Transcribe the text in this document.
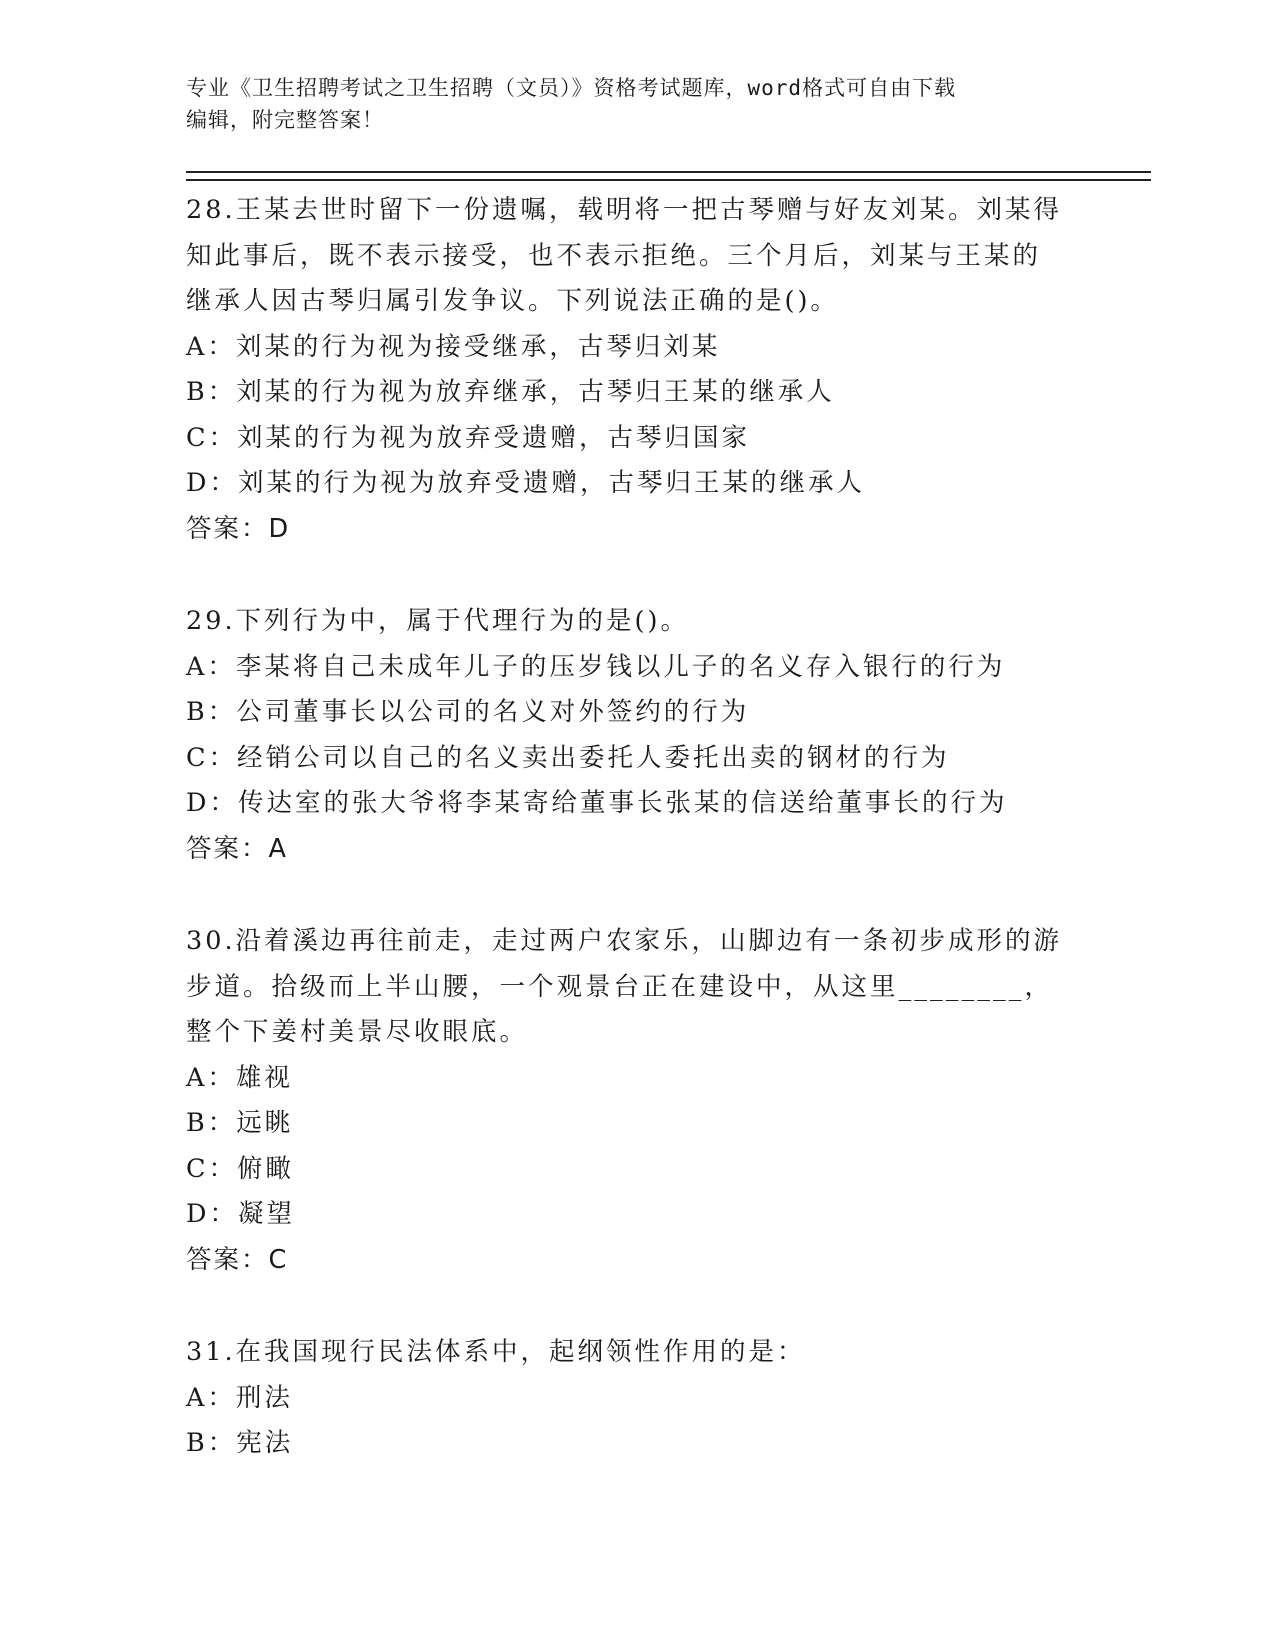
专业《卫生招聘考试之卫生招聘（文员）》资格考试题库，word格式可自由下载
编辑，附完整答案！
28.王某去世时留下一份遗嘱，载明将一把古琴赠与好友刘某。刘某得
知此事后，既不表示接受，也不表示拒绝。三个月后，刘某与王某的
继承人因古琴归属引发争议。下列说法正确的是()。
A：刘某的行为视为接受继承，古琴归刘某
B：刘某的行为视为放弃继承，古琴归王某的继承人
C：刘某的行为视为放弃受遗赠，古琴归国家
D：刘某的行为视为放弃受遗赠，古琴归王某的继承人
答案：D
29.下列行为中，属于代理行为的是()。
A：李某将自己未成年儿子的压岁钱以儿子的名义存入银行的行为
B：公司董事长以公司的名义对外签约的行为
C：经销公司以自己的名义卖出委托人委托出卖的钢材的行为
D：传达室的张大爷将李某寄给董事长张某的信送给董事长的行为
答案：A
30.沿着溪边再往前走，走过两户农家乐，山脚边有一条初步成形的游
步道。拾级而上半山腰，一个观景台正在建设中，从这里________，
整个下姜村美景尽收眼底。
A：雄视
B：远眺
C：俯瞰
D：凝望
答案：C
31.在我国现行民法体系中，起纲领性作用的是：
A：刑法
B：宪法
